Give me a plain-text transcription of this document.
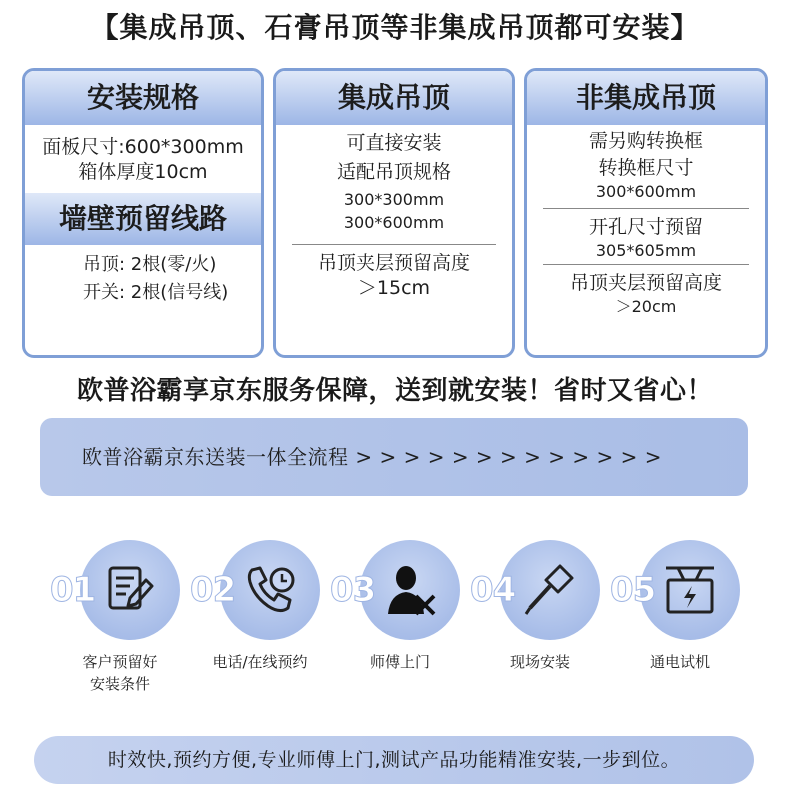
【集成吊顶、石膏吊顶等非集成吊顶都可安装】
安装规格
面板尺寸:600*300mm
箱体厚度10cm
墙壁预留线路
吊顶: 2根(零/火)
开关: 2根(信号线)
集成吊顶
可直接安装
适配吊顶规格
300*300mm
300*600mm
吊顶夹层预留高度
＞15cm
非集成吊顶
需另购转换框
转换框尺寸
300*600mm
开孔尺寸预留
305*605mm
吊顶夹层预留高度
＞20cm
欧普浴霸享京东服务保障，送到就安装！省时又省心！
欧普浴霸京东送装一体全流程 > > > > > > > > > > > > >
01
客户预留好
安装条件
02
电话/在线预约
03
师傅上门
04
现场安装
05
通电试机
时效快,预约方便,专业师傅上门,测试产品功能精准安装,一步到位。
